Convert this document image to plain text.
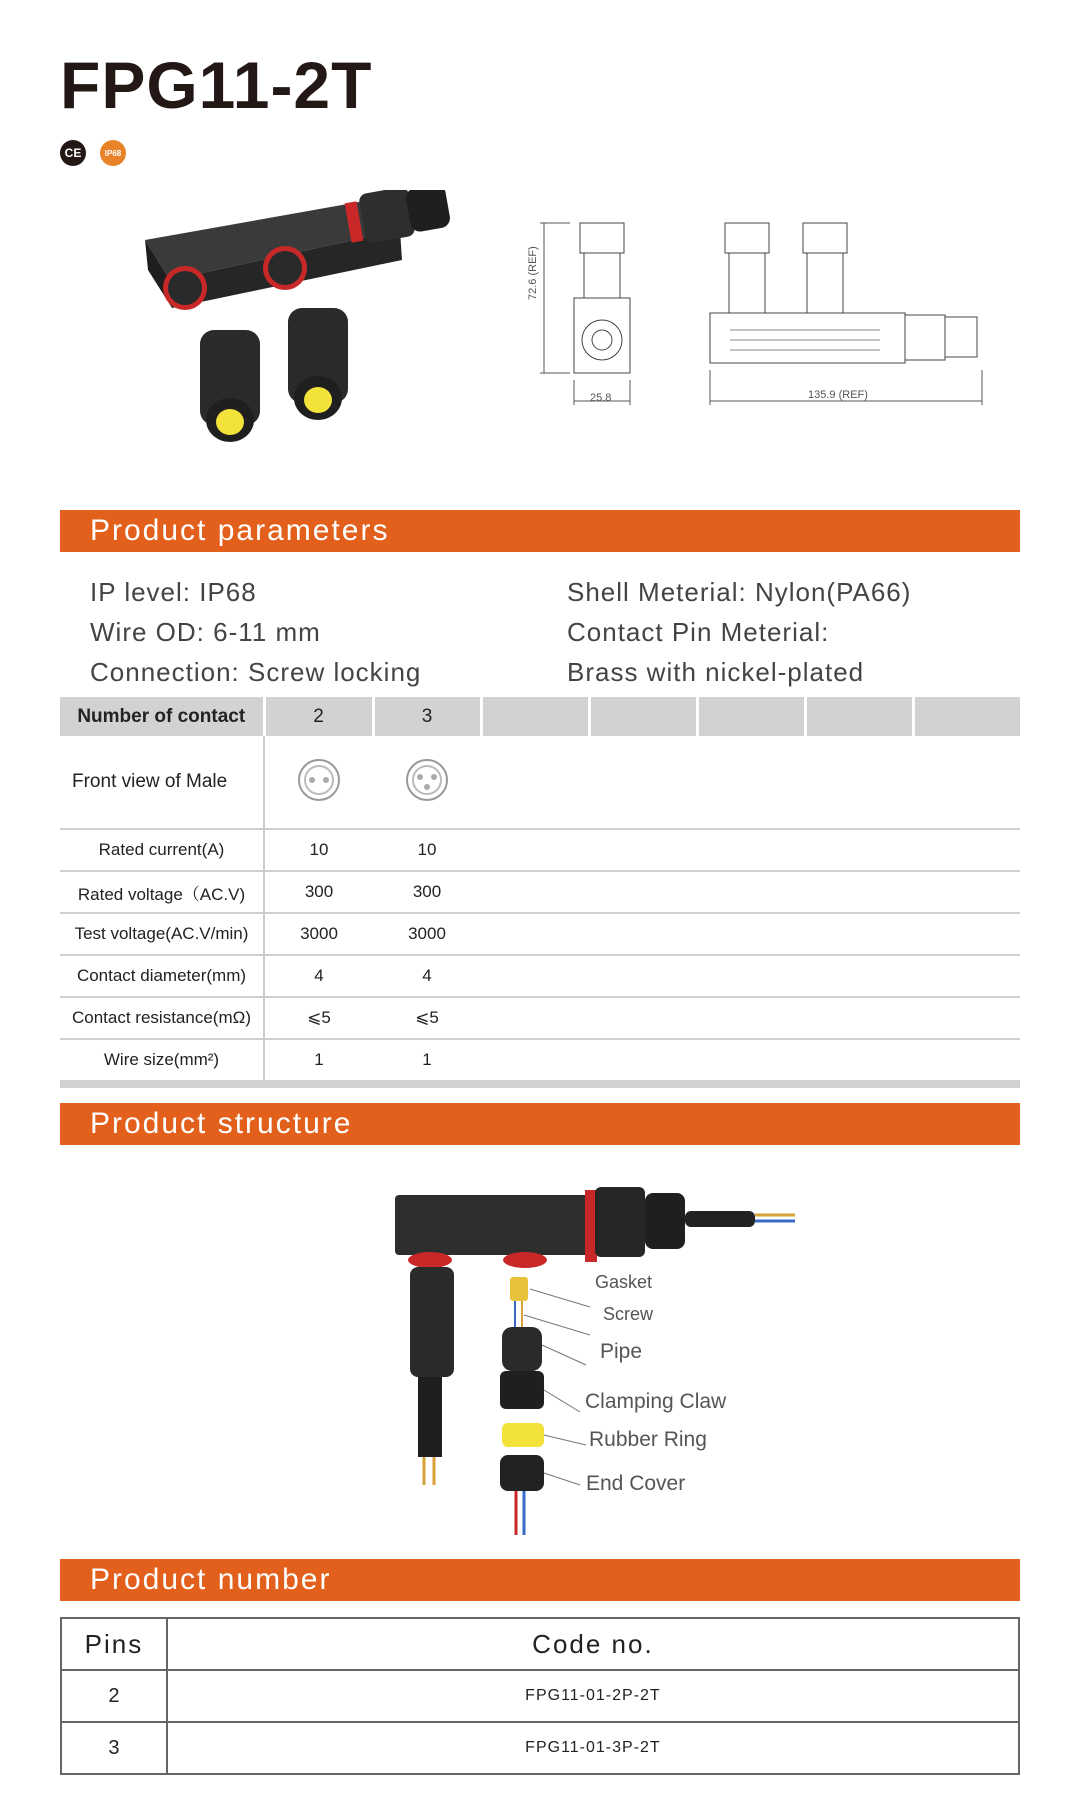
FPG11-2T
CE	IP68
72.6 (REF)
25.8	135.9 (REF)
Product parameters
IP level: IP68
Wire OD: 6-11 mm
Connection: Screw locking
Shell Meterial: Nylon(PA66)
Contact Pin Meterial:
Brass with nickel-plated
Number of contact	2	3					
Front view of Male							
Rated current(A)	10	10					
Rated voltage（AC.V)	300	300					
Test voltage(AC.V/min)	3000	3000					
Contact diameter(mm)	4	4					
Contact resistance(mΩ)	⩽5	⩽5					
Wire size(mm²)	1	1					

Product structure
Gasket
Screw
Pipe
Clamping Claw
Rubber Ring
End Cover
Product number
Pins	Code no.
2	FPG11-01-2P-2T
3	FPG11-01-3P-2T
